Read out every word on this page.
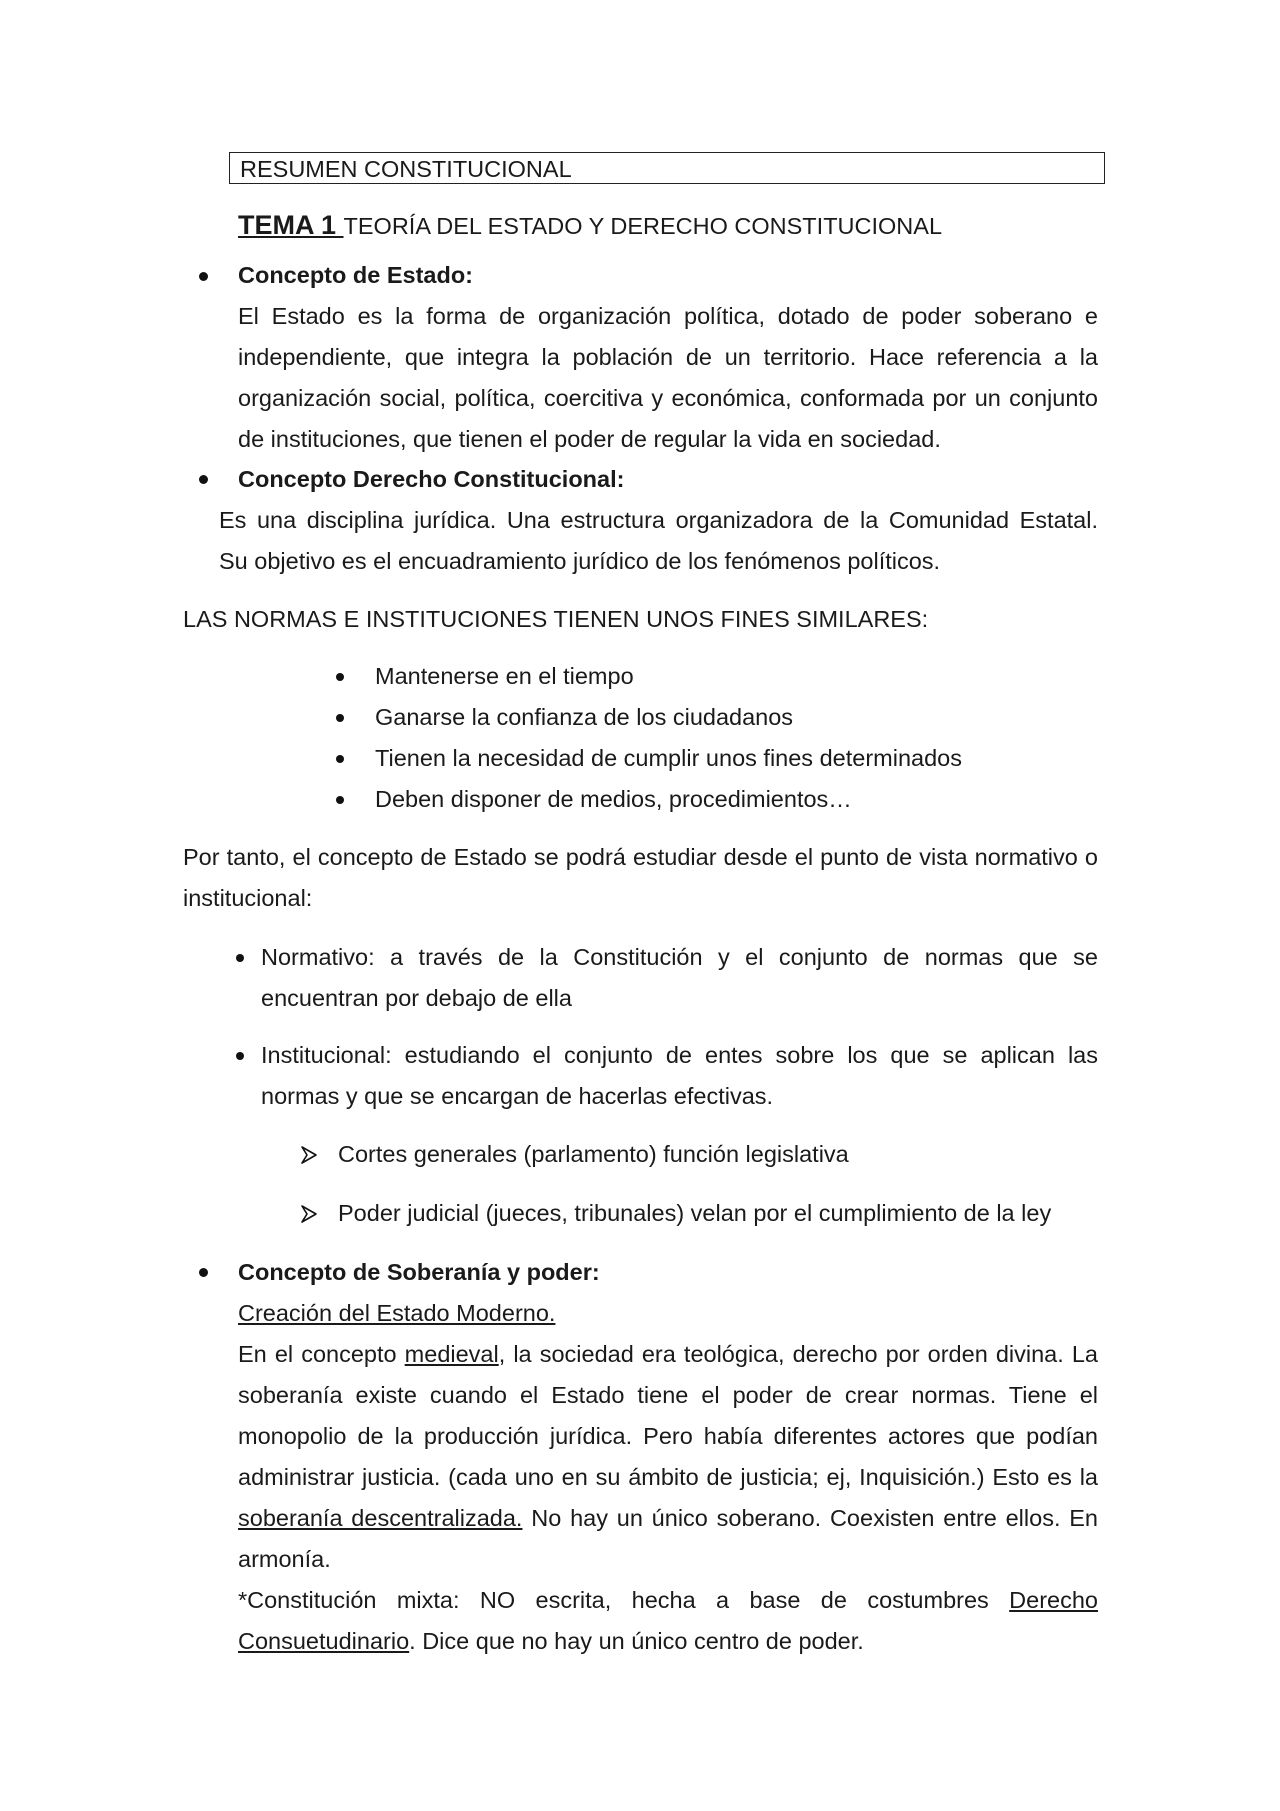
RESUMEN CONSTITUCIONAL
TEMA 1 TEORÍA DEL ESTADO Y DERECHO CONSTITUCIONAL
Concepto de Estado:
El Estado es la forma de organización política, dotado de poder soberano e
independiente, que integra la población de un territorio. Hace referencia a la
organización social, política, coercitiva y económica, conformada por un conjunto
de instituciones, que tienen el poder de regular la vida en sociedad.
Concepto Derecho Constitucional:
Es una disciplina jurídica. Una estructura organizadora de la Comunidad Estatal.
Su objetivo es el encuadramiento jurídico de los fenómenos políticos.
LAS NORMAS E INSTITUCIONES TIENEN UNOS FINES SIMILARES:
Mantenerse en el tiempo
Ganarse la confianza de los ciudadanos
Tienen la necesidad de cumplir unos fines determinados
Deben disponer de medios, procedimientos…
Por tanto, el concepto de Estado se podrá estudiar desde el punto de vista normativo o
institucional:
Normativo: a través de la Constitución y el conjunto de normas que se
encuentran por debajo de ella
Institucional: estudiando el conjunto de entes sobre los que se aplican las
normas y que se encargan de hacerlas efectivas.
Cortes generales (parlamento) función legislativa
Poder judicial (jueces, tribunales) velan por el cumplimiento de la ley
Concepto de Soberanía y poder:
Creación del Estado Moderno.
En el concepto medieval, la sociedad era teológica, derecho por orden divina. La
soberanía existe cuando el Estado tiene el poder de crear normas. Tiene el
monopolio de la producción jurídica. Pero había diferentes actores que podían
administrar justicia. (cada uno en su ámbito de justicia; ej, Inquisición.) Esto es la
soberanía descentralizada. No hay un único soberano. Coexisten entre ellos. En
armonía.
*Constitución mixta: NO escrita, hecha a base de costumbres Derecho
Consuetudinario. Dice que no hay un único centro de poder.
